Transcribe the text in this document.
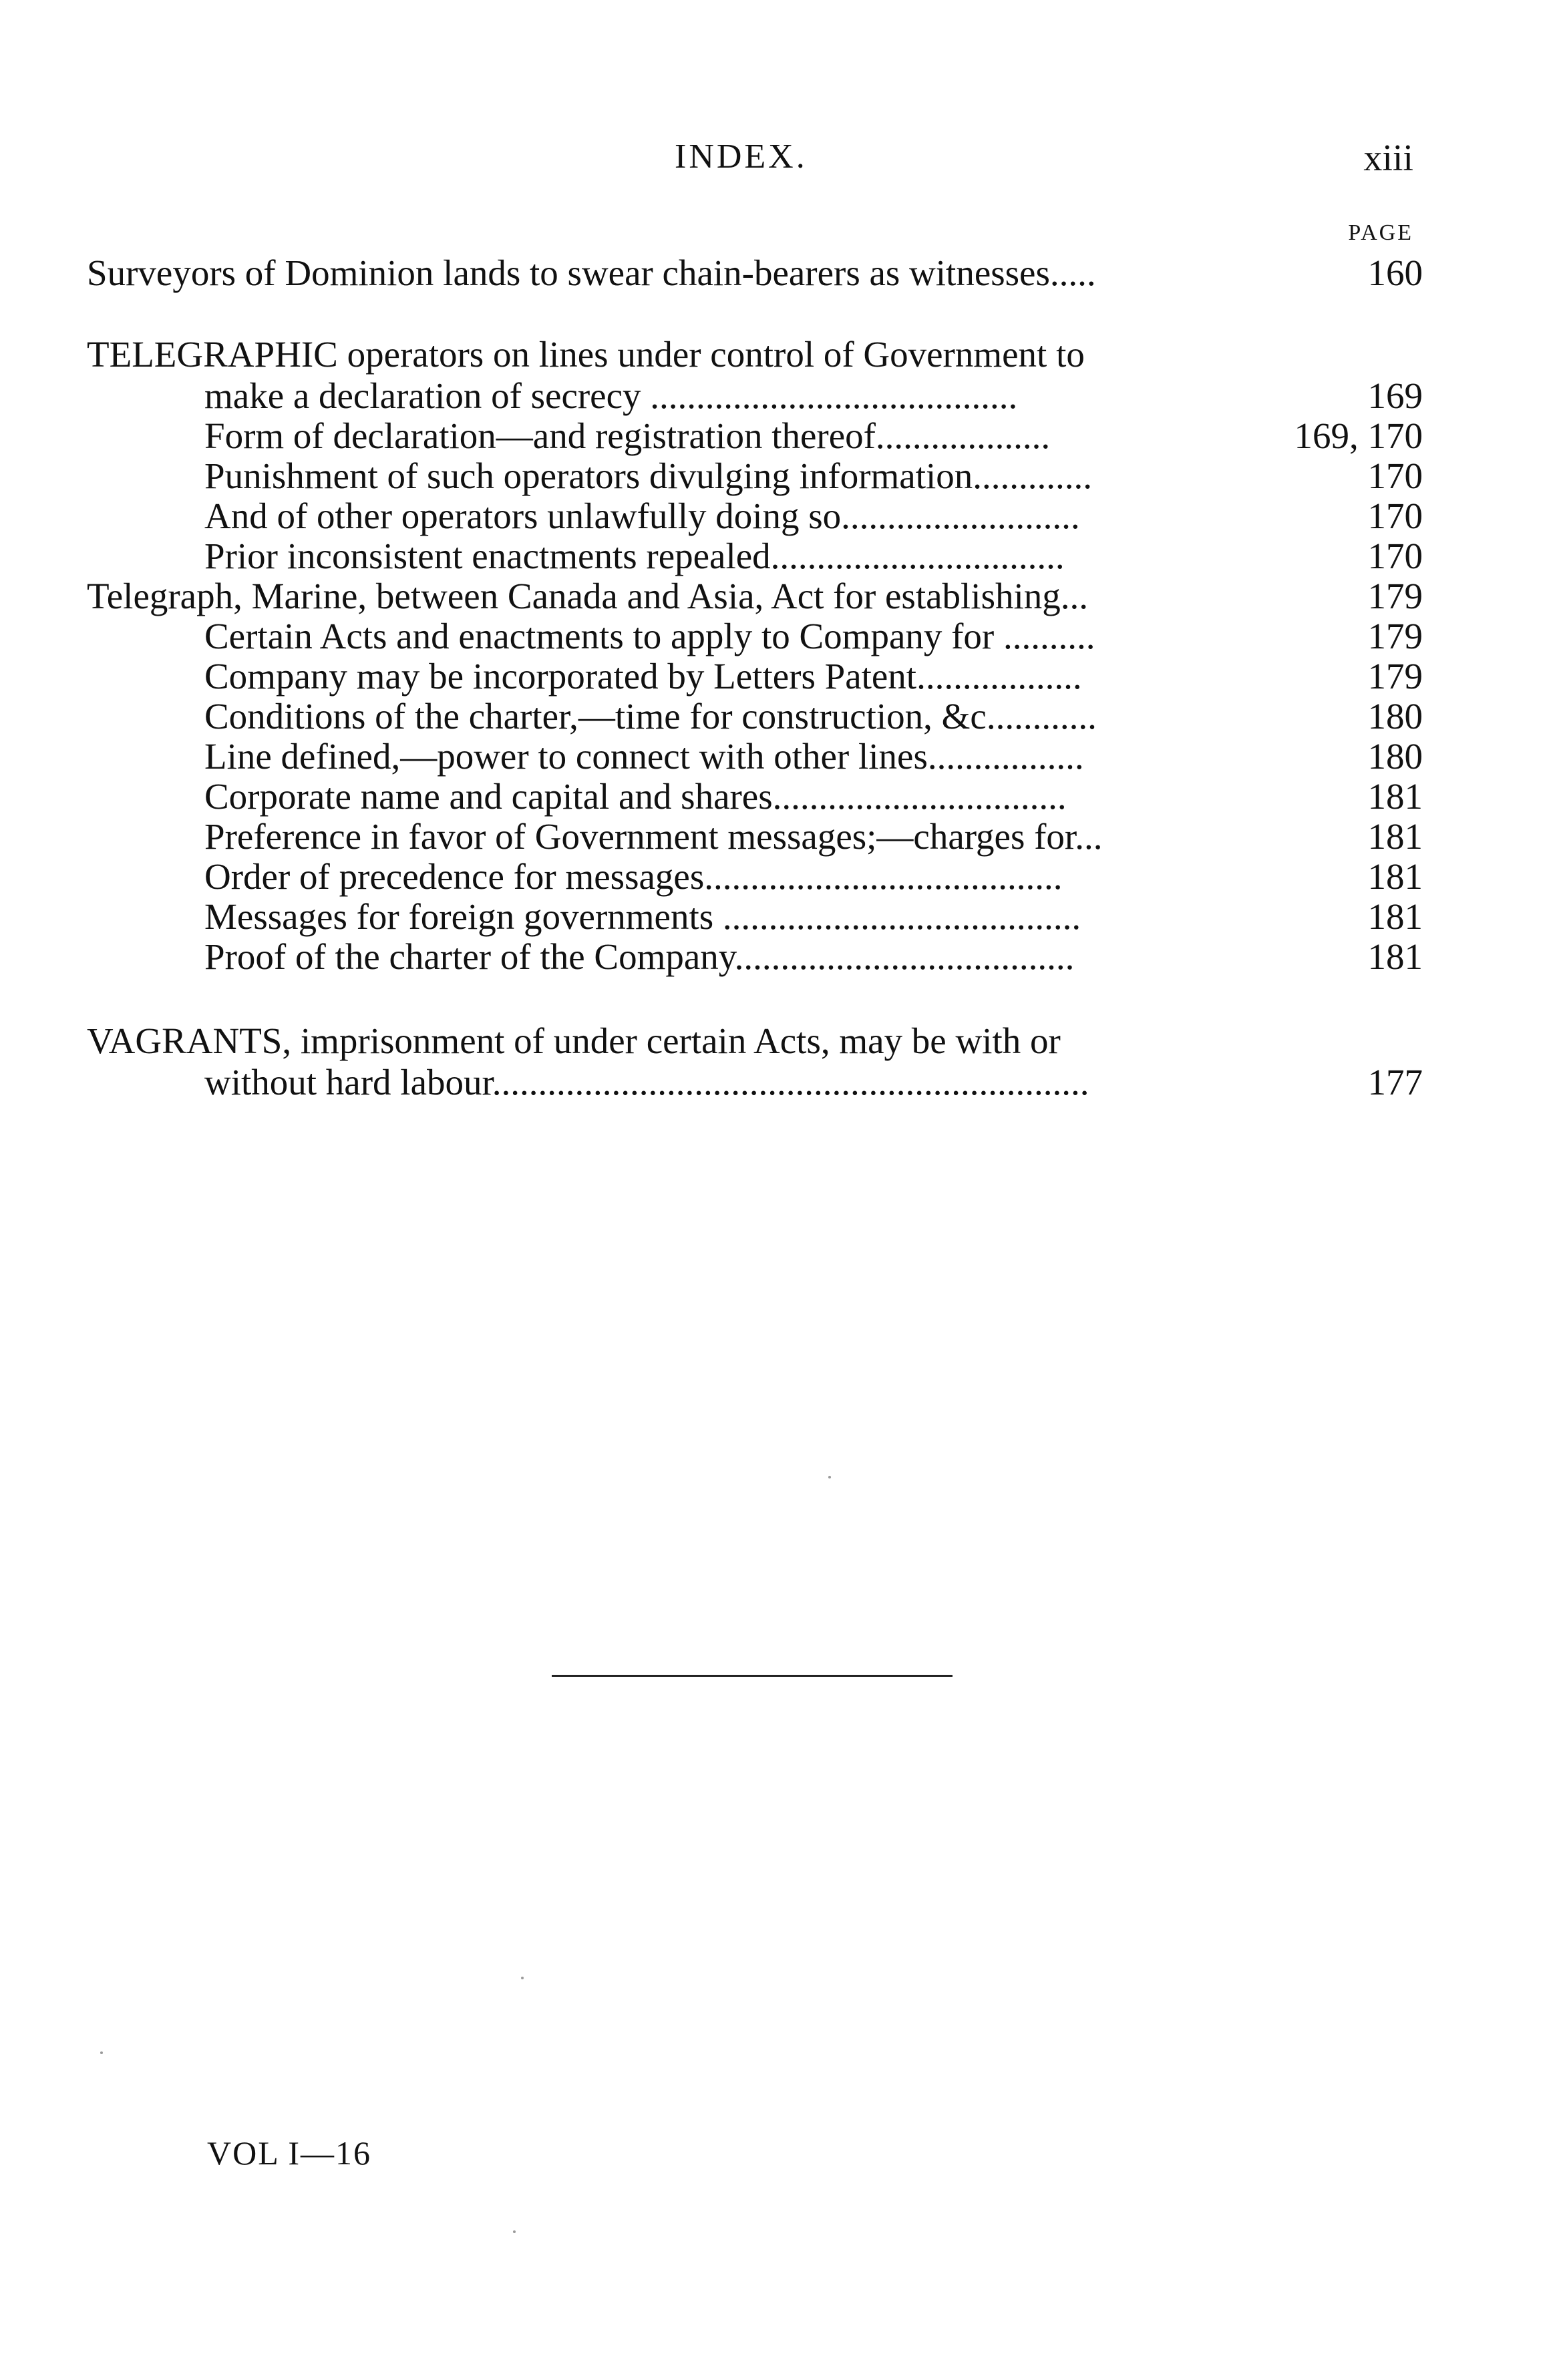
INDEX.	xiii
PAGE
Surveyors of Dominion lands to swear chain-bearers as witnesses.....	160
TELEGRAPHIC operators on lines under control of Government to
make a declaration of secrecy ........................................	169
Form of declaration—and registration thereof...................	169, 170
Punishment of such operators divulging information.............	170
And of other operators unlawfully doing so..........................	170
Prior inconsistent enactments repealed................................	170
Telegraph, Marine, between Canada and Asia, Act for establishing...	179
Certain Acts and enactments to apply to Company for ..........	179
Company may be incorporated by Letters Patent..................	179
Conditions of the charter,—time for construction, &c............	180
Line defined,—power to connect with other lines.................	180
Corporate name and capital and shares................................	181
Preference in favor of Government messages;—charges for...	181
Order of precedence for messages.......................................	181
Messages for foreign governments .......................................	181
Proof of the charter of the Company.....................................	181
VAGRANTS, imprisonment of under certain Acts, may be with or
without hard labour.................................................................	177
VOL I—16
